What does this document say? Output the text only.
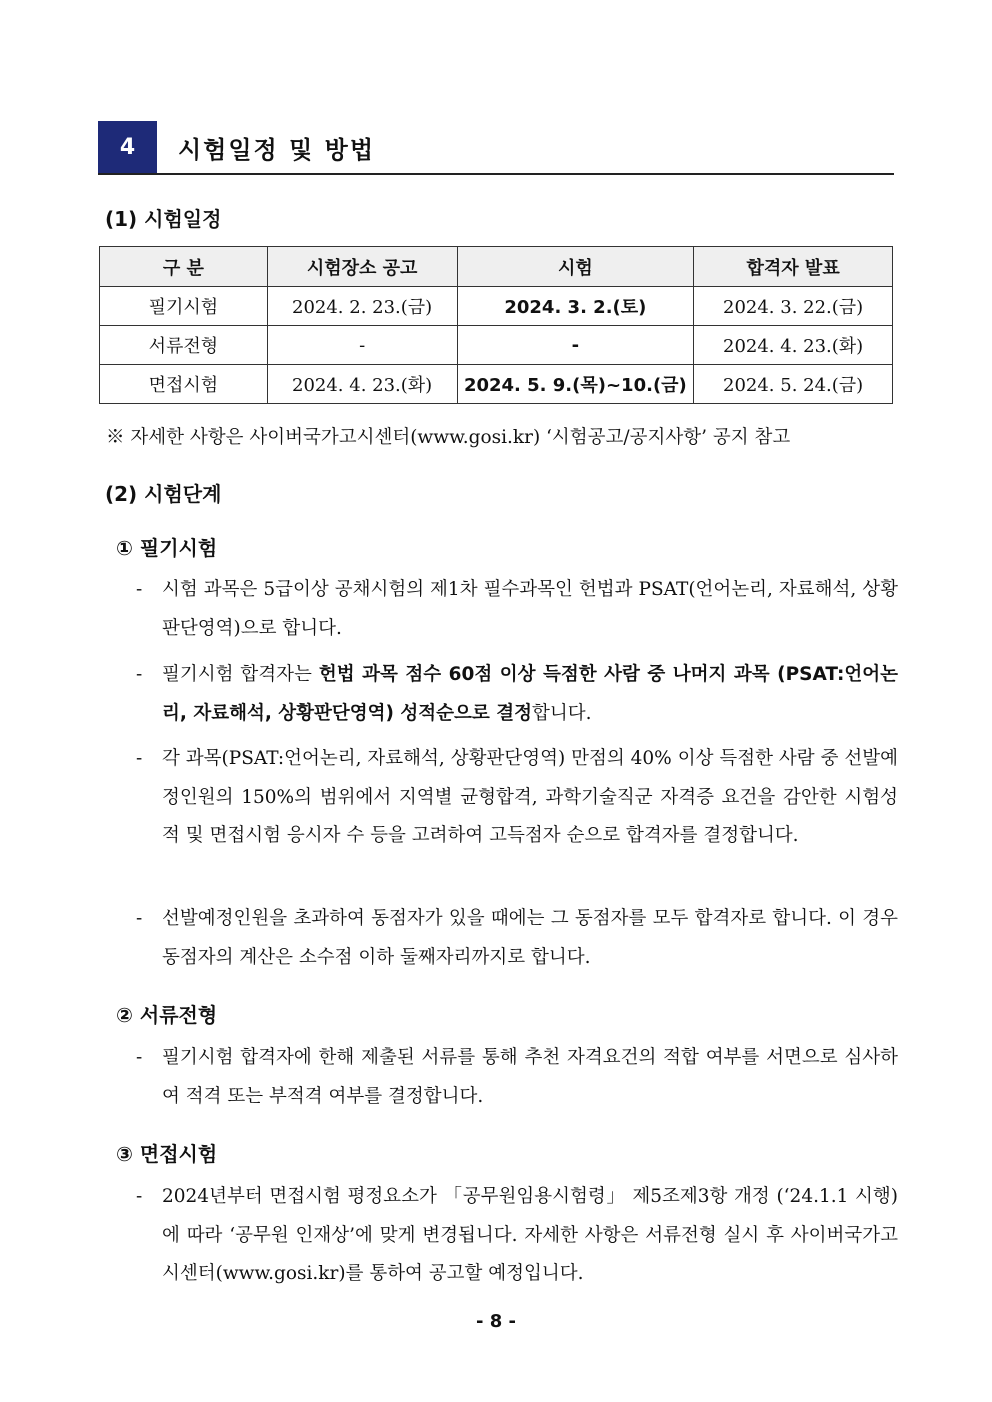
4	시험일정 및 방법
(1) 시험일정
구 분	시험장소 공고	시험	합격자 발표
필기시험	2024. 2. 23.(금)	2024. 3. 2.(토)	2024. 3. 22.(금)
서류전형	-	-	2024. 4. 23.(화)
면접시험	2024. 4. 23.(화)	2024. 5. 9.(목)~10.(금)	2024. 5. 24.(금)
※ 자세한 사항은 사이버국가고시센터(www.gosi.kr) ‘시험공고/공지사항’ 공지 참고
(2) 시험단계
① 필기시험
- 시험 과목은 5급이상 공채시험의 제1차 필수과목인 헌법과 PSAT(언어논리, 자료해석, 상황판단영역)으로 합니다.
- 필기시험 합격자는 헌법 과목 점수 60점 이상 득점한 사람 중 나머지 과목 (PSAT:언어논리, 자료해석, 상황판단영역) 성적순으로 결정합니다.
- 각 과목(PSAT:언어논리, 자료해석, 상황판단영역) 만점의 40% 이상 득점한 사람 중 선발예정인원의 150%의 범위에서 지역별 균형합격, 과학기술직군 자격증 요건을 감안한 시험성적 및 면접시험 응시자 수 등을 고려하여 고득점자 순으로 합격자를 결정합니다.
- 선발예정인원을 초과하여 동점자가 있을 때에는 그 동점자를 모두 합격자로 합니다. 이 경우 동점자의 계산은 소수점 이하 둘째자리까지로 합니다.
② 서류전형
- 필기시험 합격자에 한해 제출된 서류를 통해 추천 자격요건의 적합 여부를 서면으로 심사하여 적격 또는 부적격 여부를 결정합니다.
③ 면접시험
- 2024년부터 면접시험 평정요소가 「공무원임용시험령」 제5조제3항 개정 (‘24.1.1 시행)에 따라 ‘공무원 인재상’에 맞게 변경됩니다. 자세한 사항은 서류전형 실시 후 사이버국가고시센터(www.gosi.kr)를 통하여 공고할 예정입니다.
- 8 -
